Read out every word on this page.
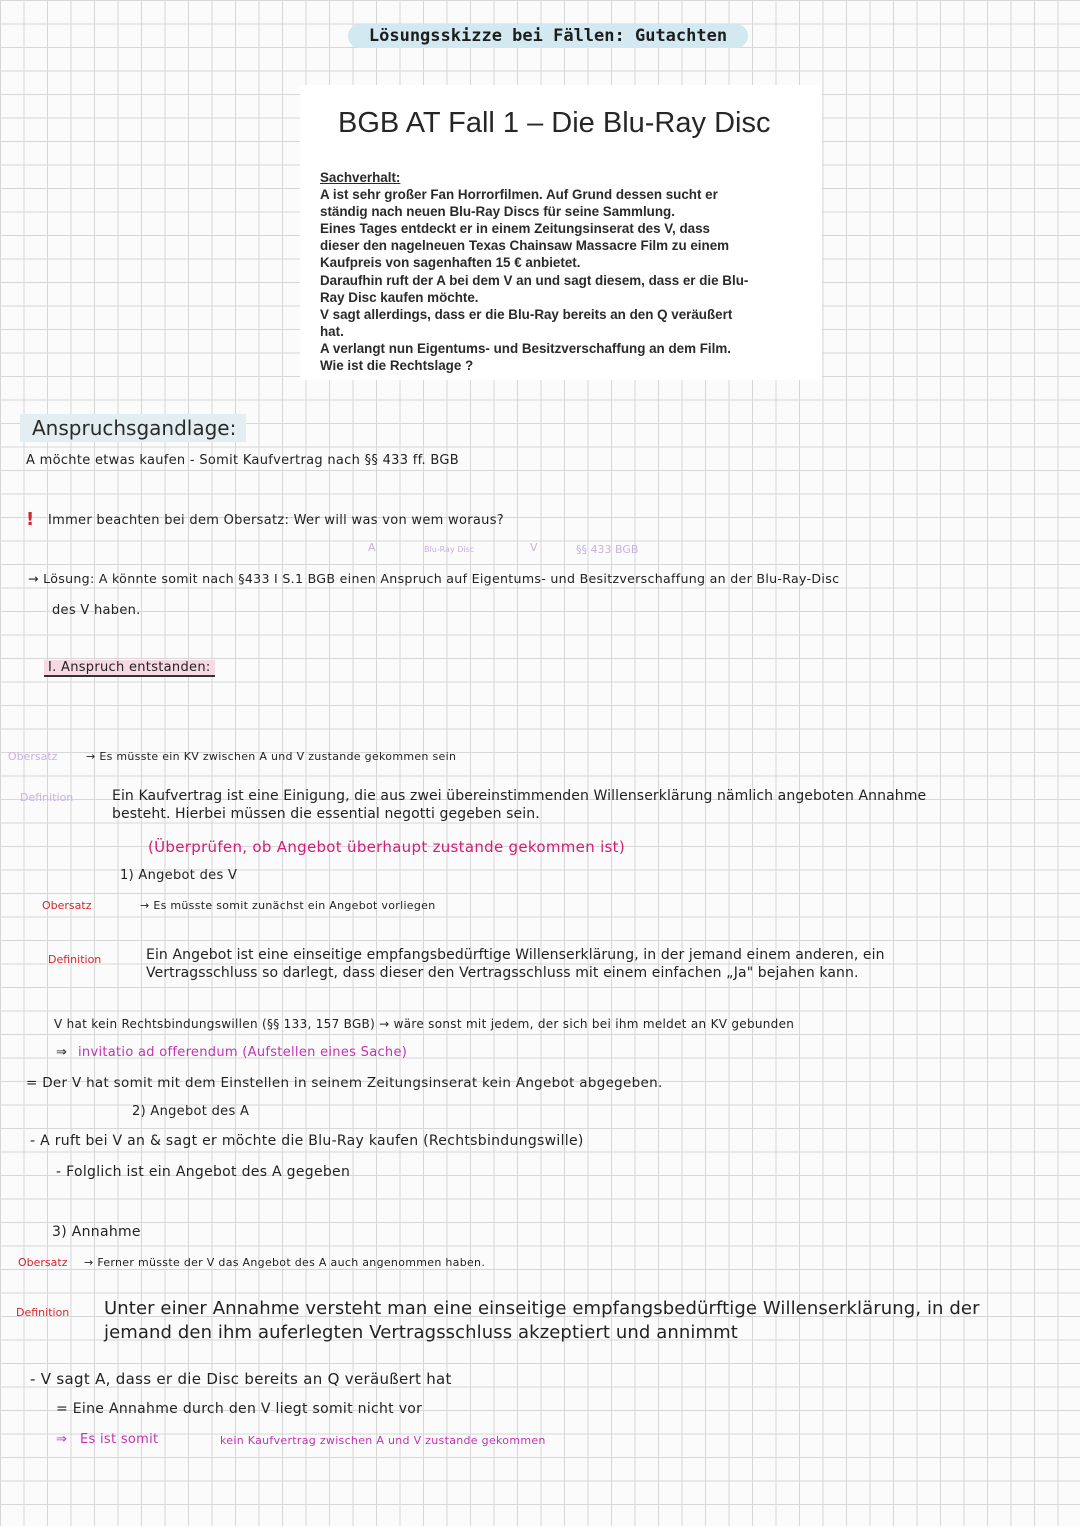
Lösungsskizze bei Fällen: Gutachten
BGB AT Fall 1 – Die Blu-Ray Disc
Sachverhalt:
A ist sehr großer Fan Horrorfilmen. Auf Grund dessen sucht er
ständig nach neuen Blu-Ray Discs für seine Sammlung.
Eines Tages entdeckt er in einem Zeitungsinserat des V, dass
dieser den nagelneuen Texas Chainsaw Massacre Film zu einem
Kaufpreis von sagenhaften 15 € anbietet.
Daraufhin ruft der A bei dem V an und sagt diesem, dass er die Blu-
Ray Disc kaufen möchte.
V sagt allerdings, dass er die Blu-Ray bereits an den Q veräußert
hat.
A verlangt nun Eigentums- und Besitzverschaffung an dem Film.
Wie ist die Rechtslage ?
Anspruchsgandlage:
A möchte etwas kaufen - Somit Kaufvertrag nach §§ 433 ff. BGB
! Immer beachten bei dem Obersatz: Wer will was von wem woraus?
A	Blu-Ray Disc	V	§§ 433 BGB
→ Lösung: A könnte somit nach §433 I S.1 BGB einen Anspruch auf Eigentums- und Besitzverschaffung an der Blu-Ray-Disc
des V haben.
I. Anspruch entstanden:
Obersatz	→ Es müsste ein KV zwischen A und V zustande gekommen sein
Definition	Ein Kaufvertrag ist eine Einigung, die aus zwei übereinstimmenden Willenserklärung nämlich angeboten Annahme
besteht. Hierbei müssen die essential negotti gegeben sein.
(Überprüfen, ob Angebot überhaupt zustande gekommen ist)
1) Angebot des V
Obersatz	→ Es müsste somit zunächst ein Angebot vorliegen
Definition	Ein Angebot ist eine einseitige empfangsbedürftige Willenserklärung, in der jemand einem anderen, ein
Vertragsschluss so darlegt, dass dieser den Vertragsschluss mit einem einfachen „Ja" bejahen kann.
V hat kein Rechtsbindungswillen (§§ 133, 157 BGB) → wäre sonst mit jedem, der sich bei ihm meldet an KV gebunden
⇒ invitatio ad offerendum (Aufstellen eines Sache)
= Der V hat somit mit dem Einstellen in seinem Zeitungsinserat kein Angebot abgegeben.
2) Angebot des A
- A ruft bei V an & sagt er möchte die Blu-Ray kaufen (Rechtsbindungswille)
- Folglich ist ein Angebot des A gegeben
3) Annahme
Obersatz → Ferner müsste der V das Angebot des A auch angenommen haben.
Definition Unter einer Annahme versteht man eine einseitige empfangsbedürftige Willenserklärung, in der
jemand den ihm auferlegten Vertragsschluss akzeptiert und annimmt
- V sagt A, dass er die Disc bereits an Q veräußert hat
= Eine Annahme durch den V liegt somit nicht vor
⇒ Es ist somit	kein Kaufvertrag zwischen A und V zustande gekommen
